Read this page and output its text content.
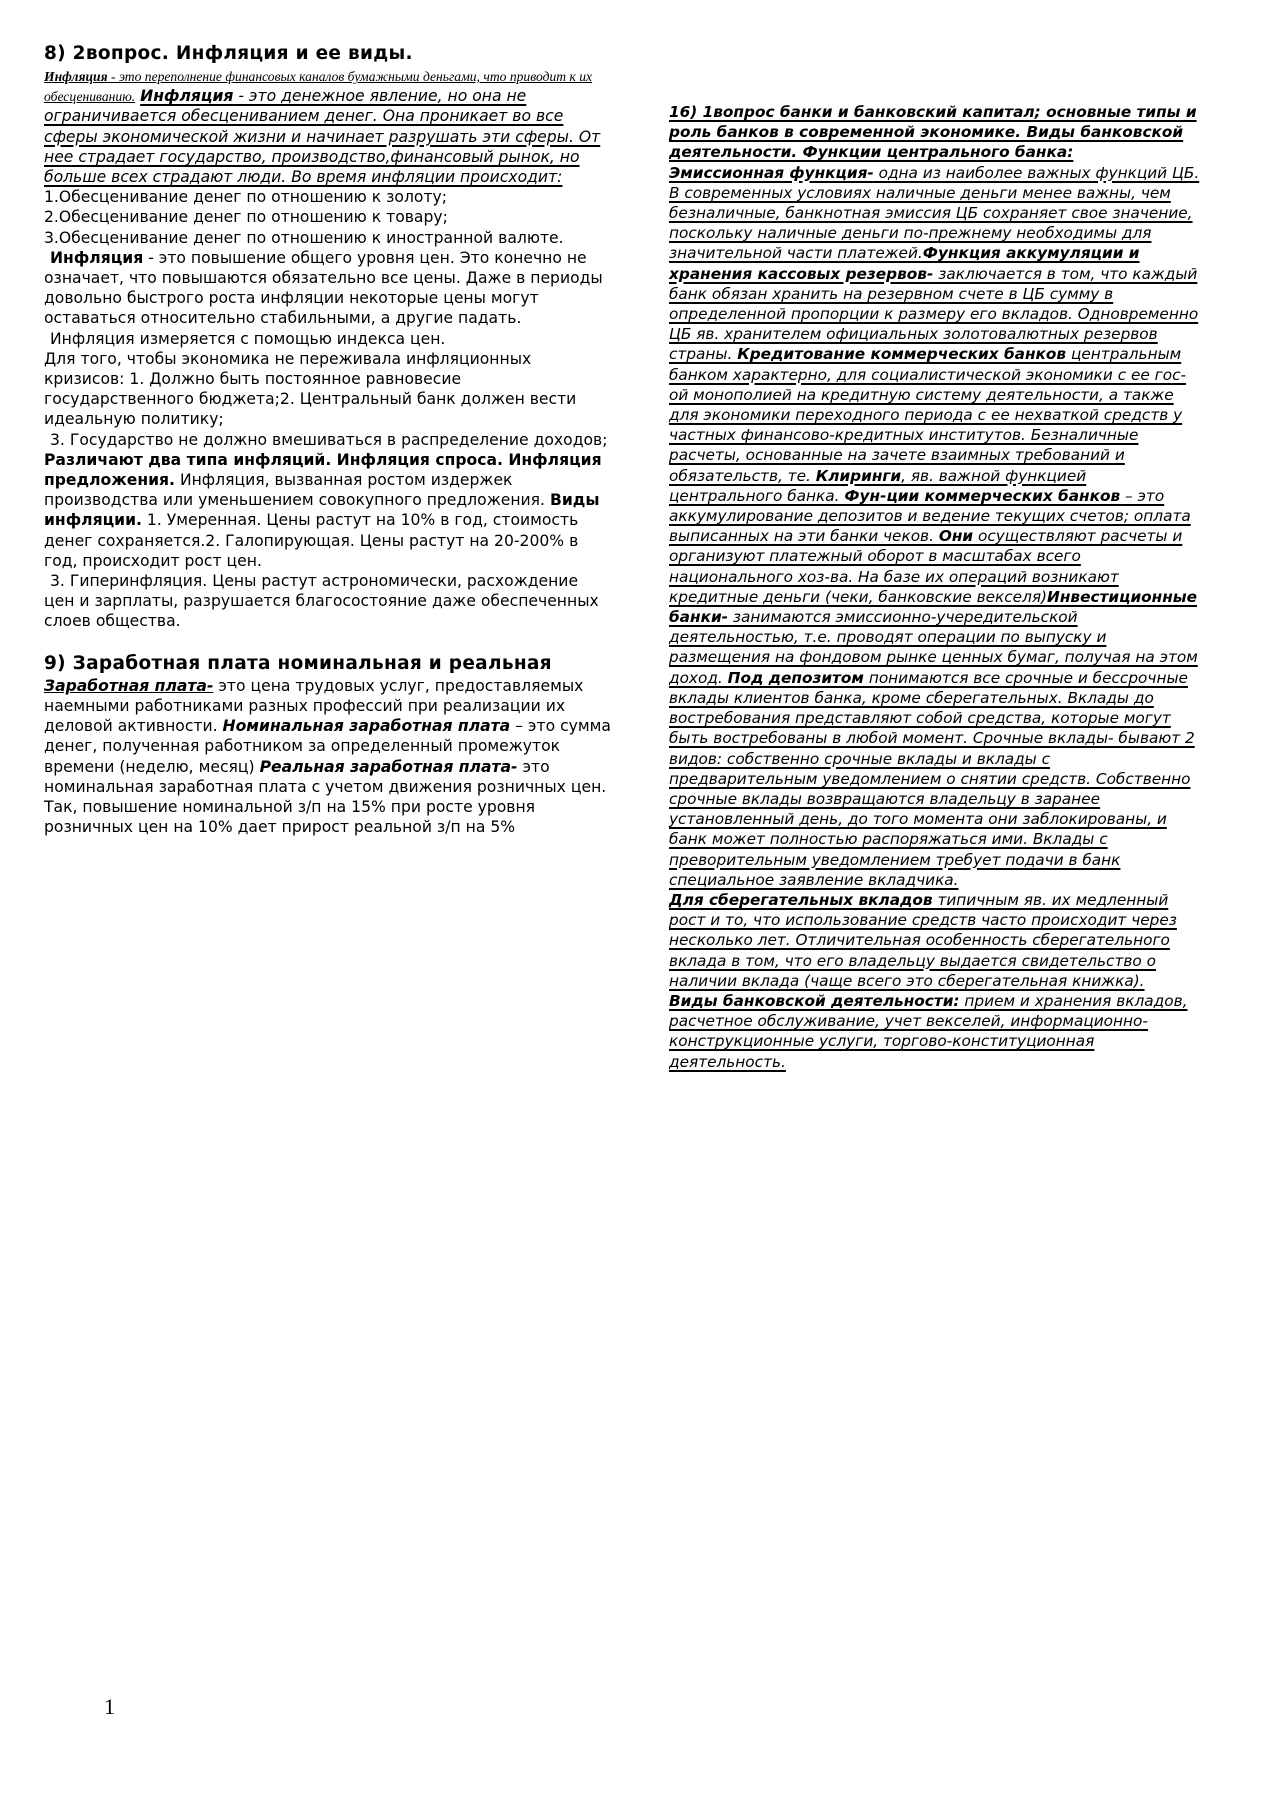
8) 2вопрос. Инфляция и ее виды.

Инфляция - это переполнение финансовых каналов бумажными деньгами, что приводит к их обесцениванию. Инфляция - это денежное явление, но она не ограничивается обесцениванием денег. Она проникает во все сферы экономической жизни и начинает разрушать эти сферы. От нее страдает государство, производство,финансовый рынок, но больше всех страдают люди. Во время инфляции происходит:

1.Обесценивание денег по отношению к золоту;

2.Обесценивание денег по отношению к товару;

3.Обесценивание денег по отношению к иностранной валюте.

Инфляция - это повышение общего уровня цен. Это конечно не означает, что повышаются обязательно все цены. Даже в периоды довольно быстрого роста инфляции некоторые цены могут оставаться относительно стабильными, а другие падать.

Инфляция измеряется с помощью индекса цен.

Для того, чтобы экономика не переживала инфляционных кризисов: 1. Должно быть постоянное равновесие государственного бюджета;2. Центральный банк должен вести идеальную политику;

3. Государство не должно вмешиваться в распределение доходов; Различают два типа инфляций. Инфляция спроса. Инфляция предложения. Инфляция, вызванная ростом издержек производства или уменьшением совокупного предложения. Виды инфляции. 1. Умеренная. Цены растут на 10% в год, стоимость денег сохраняется.2. Галопирующая. Цены растут на 20-200% в год, происходит рост цен.

3. Гиперинфляция. Цены растут астрономически, расхождение цен и зарплаты, разрушается благосостояние даже обеспеченных слоев общества.

9) Заработная плата номинальная и реальная

Заработная плата- это цена трудовых услуг, предоставляемых наемными работниками разных профессий при реализации их деловой активности. Номинальная заработная плата – это сумма денег, полученная работником за определенный промежуток времени (неделю, месяц) Реальная заработная плата- это номинальная заработная плата с учетом движения розничных цен. Так, повышение номинальной з/п на 15% при росте уровня розничных цен на 10% дает прирост реальной з/п на 5%

16) 1вопрос банки и банковский капитал; основные типы и роль банков в современной экономике. Виды банковской деятельности. Функции центрального банка:

Эмиссионная функция- одна из наиболее важных функций ЦБ. В современных условиях наличные деньги менее важны, чем безналичные, банкнотная эмиссия ЦБ сохраняет свое значение, поскольку наличные деньги по-прежнему необходимы для значительной части платежей.Функция аккумуляции и хранения кассовых резервов- заключается в том, что каждый банк обязан хранить на резервном счете в ЦБ сумму в определенной пропорции к размеру его вкладов. Одновременно ЦБ яв. хранителем официальных золотовалютных резервов страны. Кредитование коммерческих банков центральным банком характерно, для социалистической экономики с ее гос-ой монополией на кредитную систему деятельности, а также для экономики переходного периода с ее нехваткой средств у частных финансово-кредитных институтов. Безналичные расчеты, основанные на зачете взаимных требований и обязательств, те. Клиринги, яв. важной функцией центрального банка. Фун-ции коммерческих банков – это аккумулирование депозитов и ведение текущих счетов; оплата выписанных на эти банки чеков. Они осуществляют расчеты и организуют платежный оборот в масштабах всего национального хоз-ва. На базе их операций возникают кредитные деньги (чеки, банковские векселя)Инвестиционные банки- занимаются эмиссионно-учередительской деятельностью, т.е. проводят операции по выпуску и размещения на фондовом рынке ценных бумаг, получая на этом доход. Под депозитом понимаются все срочные и бессрочные вклады клиентов банка, кроме сберегательных. Вклады до востребования представляют собой средства, которые могут быть востребованы в любой момент. Срочные вклады- бывают 2 видов: собственно срочные вклады и вклады с предварительным уведомлением о снятии средств. Собственно срочные вклады возвращаются владельцу в заранее установленный день, до того момента они заблокированы, и банк может полностью распоряжаться ими. Вклады с преворительным уведомлением требует подачи в банк специальное заявление вкладчика.

Для сберегательных вкладов типичным яв. их медленный рост и то, что использование средств часто происходит через несколько лет. Отличительная особенность сберегательного вклада в том, что его владельцу выдается свидетельство о наличии вклада (чаще всего это сберегательная книжка).

Виды банковской деятельности: прием и хранения вкладов, расчетное обслуживание, учет векселей, информационно-конструкционные услуги, торгово-конституционная деятельность.

1
